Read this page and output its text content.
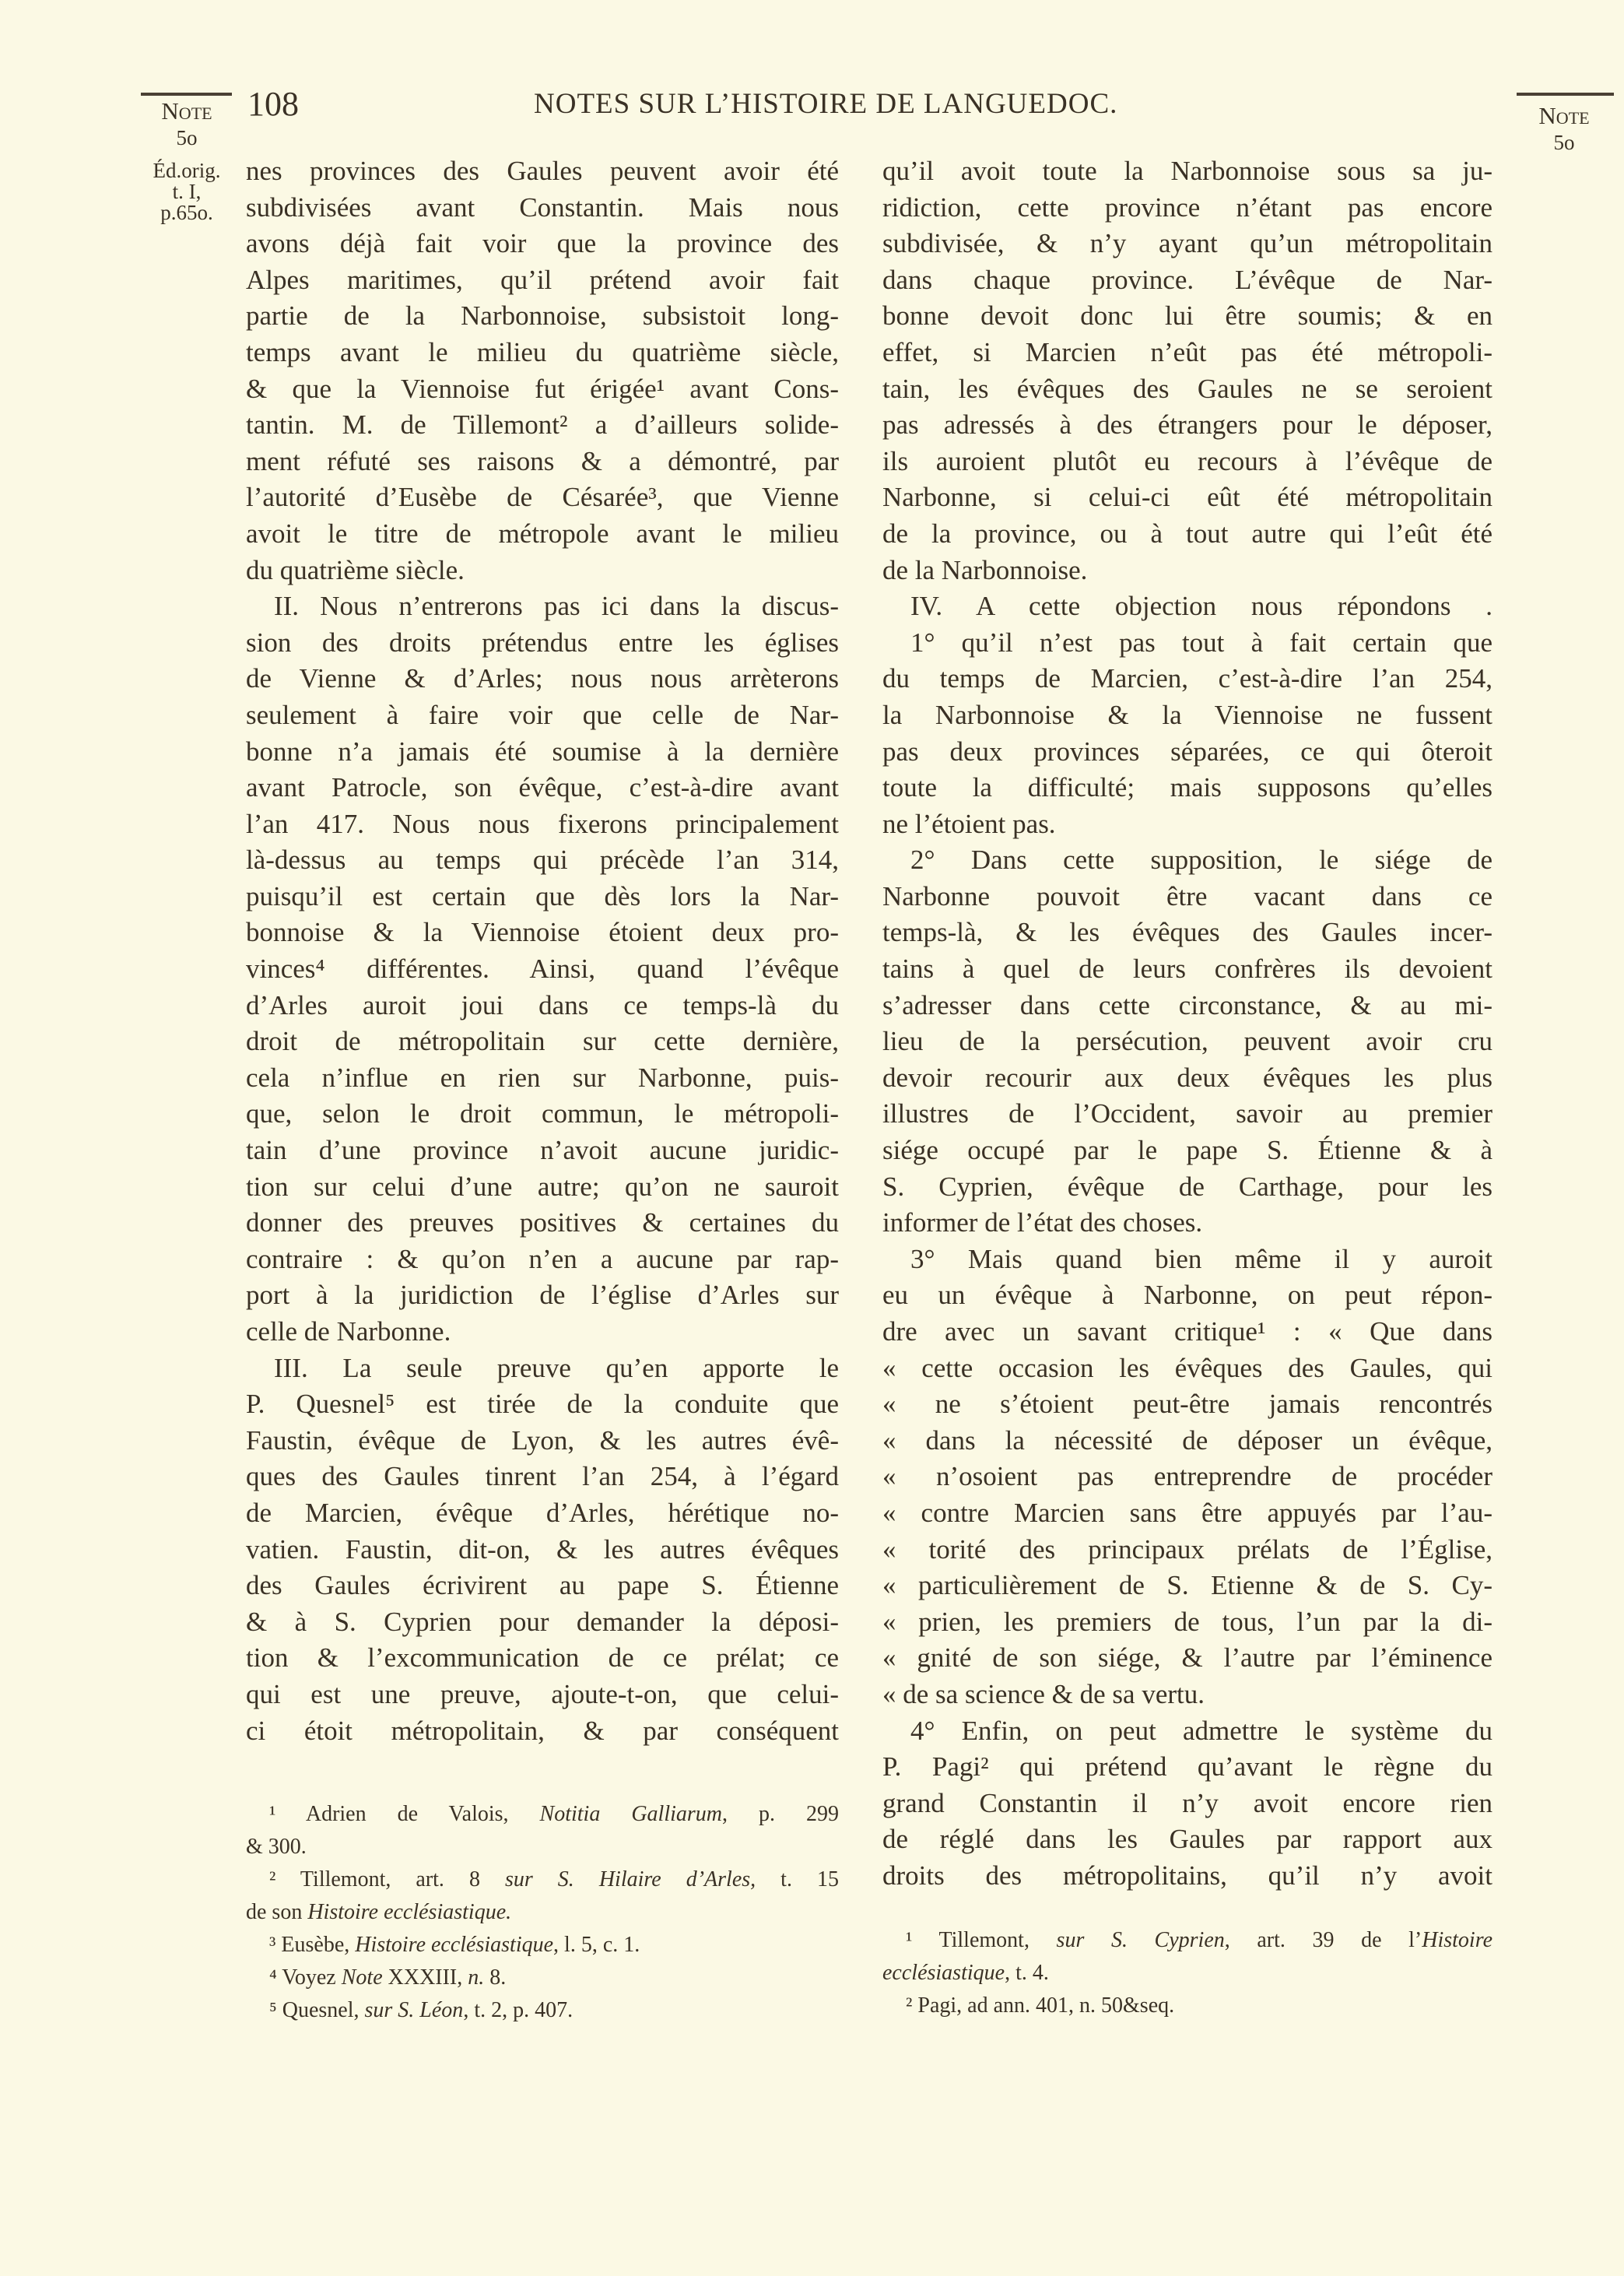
Note
5o
Éd.orig.
t. I,
p.65o.
Note
5o
108	NOTES SUR L’HISTOIRE DE LANGUEDOC.
nes provinces des Gaules peuvent avoir été
subdivisées avant Constantin. Mais nous
avons déjà fait voir que la province des
Alpes maritimes, qu’il prétend avoir fait
partie de la Narbonnoise, subsistoit long-
temps avant le milieu du quatrième siècle,
& que la Viennoise fut érigée¹ avant Cons-
tantin. M. de Tillemont² a d’ailleurs solide-
ment réfuté ses raisons & a démontré, par
l’autorité d’Eusèbe de Césarée³, que Vienne
avoit le titre de métropole avant le milieu
du quatrième siècle.
II. Nous n’entrerons pas ici dans la discus-
sion des droits prétendus entre les églises
de Vienne & d’Arles; nous nous arrèterons
seulement à faire voir que celle de Nar-
bonne n’a jamais été soumise à la dernière
avant Patrocle, son évêque, c’est-à-dire avant
l’an 417. Nous nous fixerons principalement
là-dessus au temps qui précède l’an 314,
puisqu’il est certain que dès lors la Nar-
bonnoise & la Viennoise étoient deux pro-
vinces⁴ différentes. Ainsi, quand l’évêque
d’Arles auroit joui dans ce temps-là du
droit de métropolitain sur cette dernière,
cela n’influe en rien sur Narbonne, puis-
que, selon le droit commun, le métropoli-
tain d’une province n’avoit aucune juridic-
tion sur celui d’une autre; qu’on ne sauroit
donner des preuves positives & certaines du
contraire : & qu’on n’en a aucune par rap-
port à la juridiction de l’église d’Arles sur
celle de Narbonne.
III. La seule preuve qu’en apporte le
P. Quesnel⁵ est tirée de la conduite que
Faustin, évêque de Lyon, & les autres évê-
ques des Gaules tinrent l’an 254, à l’égard
de Marcien, évêque d’Arles, hérétique no-
vatien. Faustin, dit-on, & les autres évêques
des Gaules écrivirent au pape S. Étienne
& à S. Cyprien pour demander la déposi-
tion & l’excommunication de ce prélat; ce
qui est une preuve, ajoute-t-on, que celui-
ci étoit métropolitain, & par conséquent
qu’il avoit toute la Narbonnoise sous sa ju-
ridiction, cette province n’étant pas encore
subdivisée, & n’y ayant qu’un métropolitain
dans chaque province. L’évêque de Nar-
bonne devoit donc lui être soumis; & en
effet, si Marcien n’eût pas été métropoli-
tain, les évêques des Gaules ne se seroient
pas adressés à des étrangers pour le déposer,
ils auroient plutôt eu recours à l’évêque de
Narbonne, si celui-ci eût été métropolitain
de la province, ou à tout autre qui l’eût été
de la Narbonnoise.
IV. A cette objection nous répondons .
1° qu’il n’est pas tout à fait certain que
du temps de Marcien, c’est-à-dire l’an 254,
la Narbonnoise & la Viennoise ne fussent
pas deux provinces séparées, ce qui ôteroit
toute la difficulté; mais supposons qu’elles
ne l’étoient pas.
2° Dans cette supposition, le siége de
Narbonne pouvoit être vacant dans ce
temps-là, & les évêques des Gaules incer-
tains à quel de leurs confrères ils devoient
s’adresser dans cette circonstance, & au mi-
lieu de la persécution, peuvent avoir cru
devoir recourir aux deux évêques les plus
illustres de l’Occident, savoir au premier
siége occupé par le pape S. Étienne & à
S. Cyprien, évêque de Carthage, pour les
informer de l’état des choses.
3° Mais quand bien même il y auroit
eu un évêque à Narbonne, on peut répon-
dre avec un savant critique¹ : « Que dans
« cette occasion les évêques des Gaules, qui
« ne s’étoient peut-être jamais rencontrés
« dans la nécessité de déposer un évêque,
« n’osoient pas entreprendre de procéder
« contre Marcien sans être appuyés par l’au-
« torité des principaux prélats de l’Église,
« particulièrement de S. Etienne & de S. Cy-
« prien, les premiers de tous, l’un par la di-
« gnité de son siége, & l’autre par l’éminence
« de sa science & de sa vertu.
4° Enfin, on peut admettre le système du
P. Pagi² qui prétend qu’avant le règne du
grand Constantin il n’y avoit encore rien
de réglé dans les Gaules par rapport aux
droits des métropolitains, qu’il n’y avoit
¹ Adrien de Valois, Notitia Galliarum, p. 299
& 300.
² Tillemont, art. 8 sur S. Hilaire d’Arles, t. 15
de son Histoire ecclésiastique.
³ Eusèbe, Histoire ecclésiastique, l. 5, c. 1.
⁴ Voyez Note XXXIII, n. 8.
⁵ Quesnel, sur S. Léon, t. 2, p. 407.
¹ Tillemont, sur S. Cyprien, art. 39 de l’Histoire
ecclésiastique, t. 4.
² Pagi, ad ann. 401, n. 50&seq.
